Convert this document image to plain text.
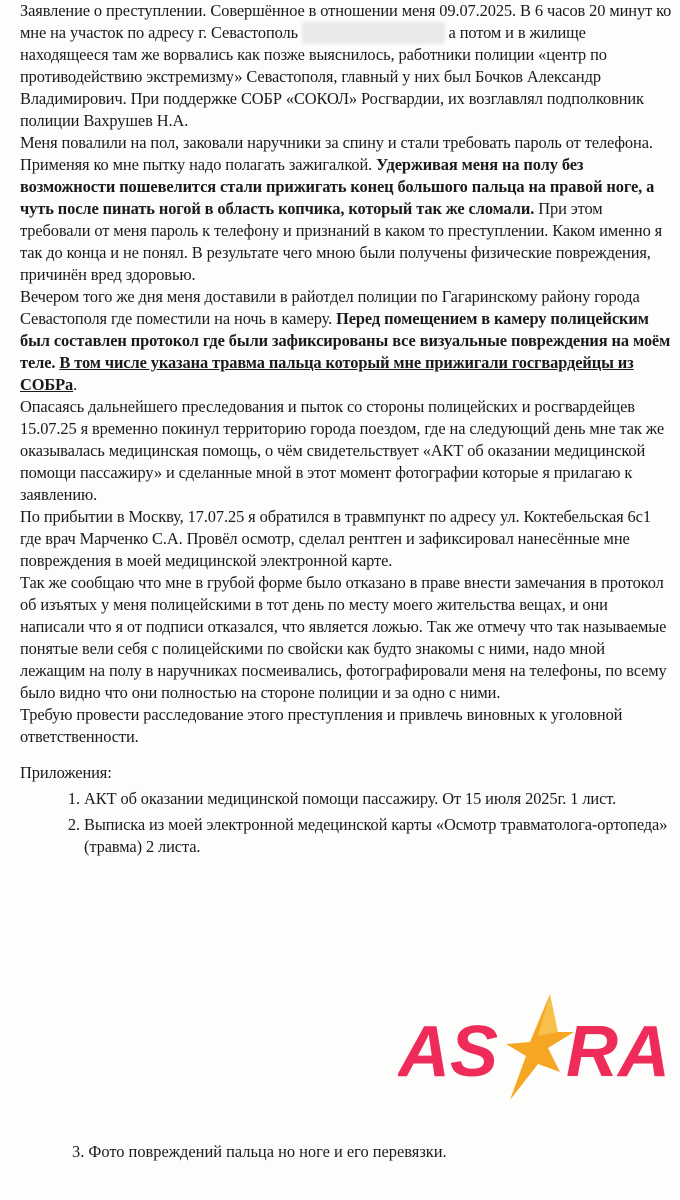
Заявление о преступлении. Совершённое в отношении меня 09.07.2025. В 6 часов 20 минут ко мне на участок по адресу г. Севастополь	а потом и в жилище находящееся там же ворвались как позже выяснилось, работники полиции «центр по противодействию экстремизму» Севастополя, главный у них был Бочков Александр Владимирович. При поддержке СОБР «СОКОЛ» Росгвардии, их возглавлял подполковник полиции Вахрушев Н.А.

Меня повалили на пол, заковали наручники за спину и стали требовать пароль от телефона. Применяя ко мне пытку надо полагать зажигалкой. Удерживая меня на полу без возможности пошевелится стали прижигать конец большого пальца на правой ноге, а чуть после пинать ногой в область копчика, который так же сломали. При этом требовали от меня пароль к телефону и признаний в каком то преступлении. Каком именно я так до конца и не понял. В результате чего мною были получены физические повреждения, причинён вред здоровью.

Вечером того же дня меня доставили в райотдел полиции по Гагаринскому району города Севастополя где поместили на ночь в камеру. Перед помещением в камеру полицейским был составлен протокол где были зафиксированы все визуальные повреждения на моём теле. В том числе указана травма пальца который мне прижигали госгвардейцы из СОБРа.

Опасаясь дальнейшего преследования и пыток со стороны полицейских и росгвардейцев 15.07.25 я временно покинул территорию города поездом, где на следующий день мне так же оказывалась медицинская помощь, о чём свидетельствует «АКТ об оказании медицинской помощи пассажиру» и сделанные мной в этот момент фотографии которые я прилагаю к заявлению.

По прибытии в Москву, 17.07.25 я обратился в травмпункт по адресу ул. Коктебельская 6с1 где врач Марченко С.А. Провёл осмотр, сделал рентген и зафиксировал нанесённые мне повреждения в моей медицинской электронной карте.

Так же сообщаю что мне в грубой форме было отказано в праве внести замечания в протокол об изъятых у меня полицейскими в тот день по месту моего жительства вещах, и они написали что я от подписи отказался, что является ложью. Так же отмечу что так называемые понятые вели себя с полицейскими по свойски как будто знакомы с ними, надо мной лежащим на полу в наручниках посмеивались, фотографировали меня на телефоны, по всему было видно что они полностью на стороне полиции и за одно с ними.

Требую провести расследование этого преступления и привлечь виновных к уголовной ответственности.

Приложения:

1. АКТ об оказании медицинской помощи пассажиру. От 15 июля 2025г. 1 лист.
2. Выписка из моей электронной медецинской карты «Осмотр травматолога-ортопеда» (травма) 2 листа.
AS RA
3. Фото повреждений пальца но ноге и его перевязки.
